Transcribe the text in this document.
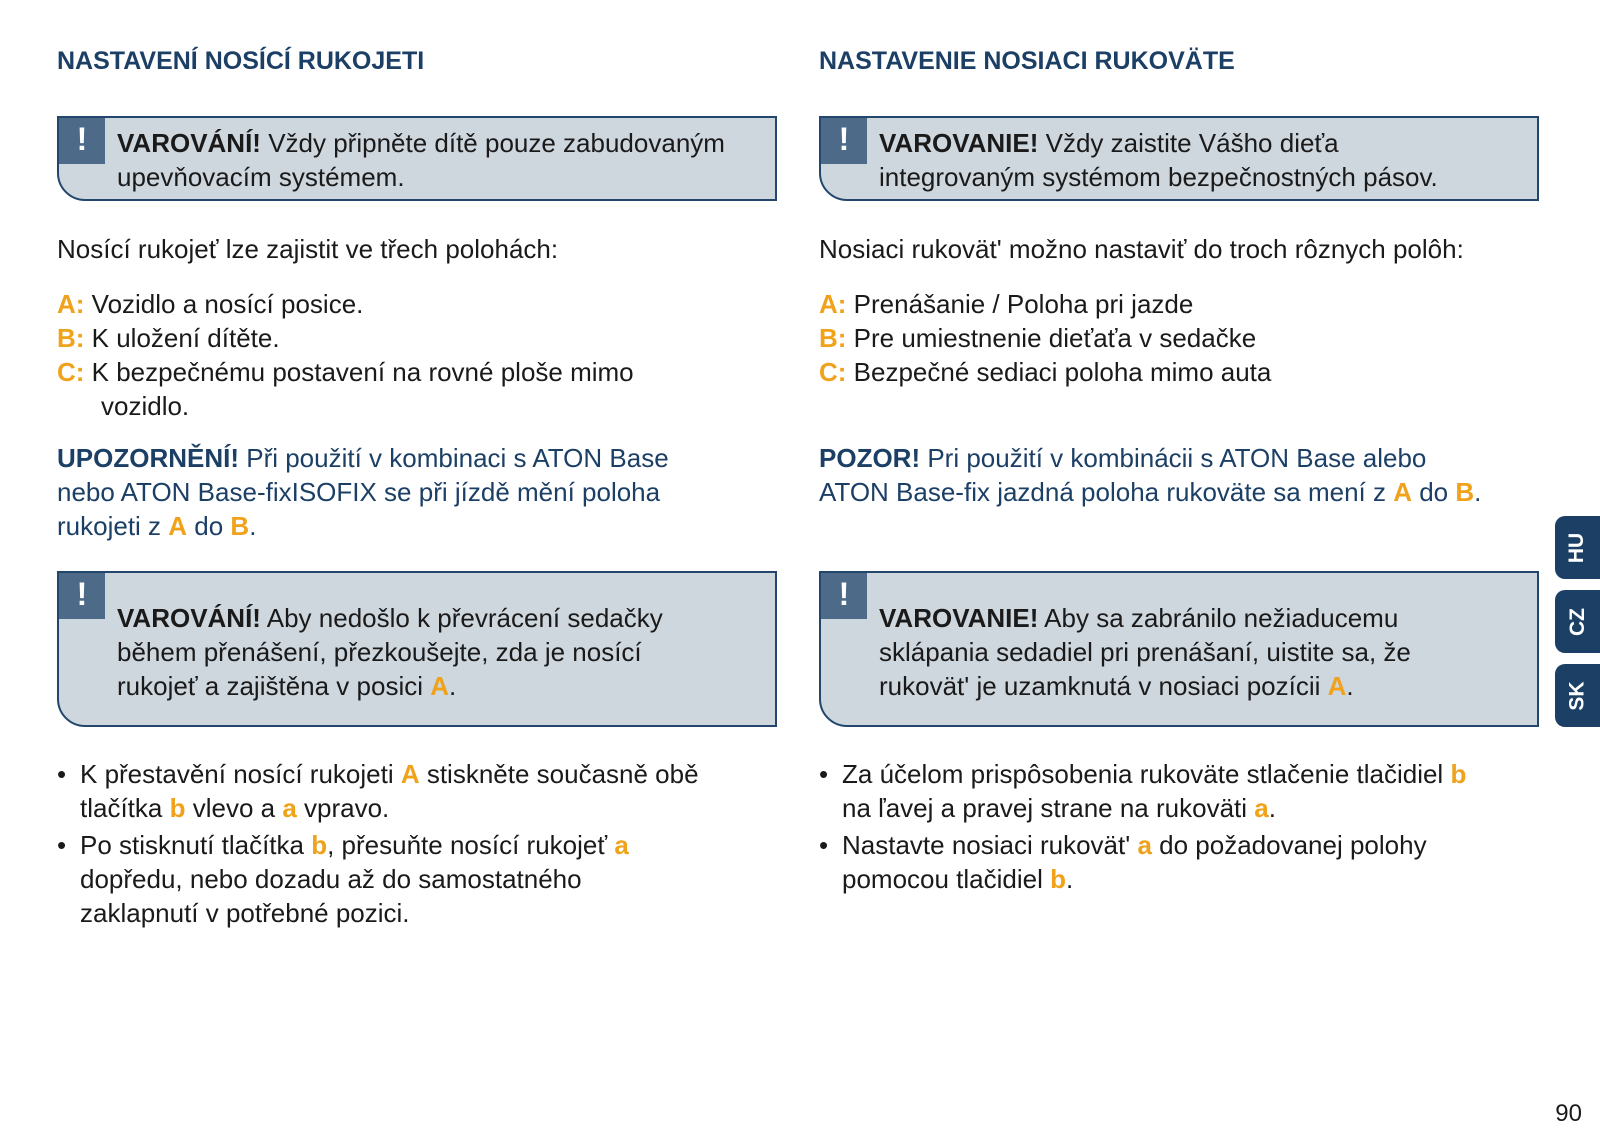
NASTAVENÍ NOSÍCÍ RUKOJETI
!	VAROVÁNÍ! Vždy připněte dítě pouze zabudovaným
upevňovacím systémem.

Nosící rukojeť lze zajistit ve třech polohách:

A: Vozidlo a nosící posice.
B: K uložení dítěte.
C: K bezpečnému postavení na rovné ploše mimo
vozidlo.

UPOZORNĚNÍ! Při použití v kombinaci s ATON Base
nebo ATON Base-fixISOFIX se při jízdě mění poloha
rukojeti z A do B.

!
VAROVÁNÍ! Aby nedošlo k převrácení sedačky
během přenášení, přezkoušejte, zda je nosící
rukojeť a zajištěna v posici A.
• K přestavění nosící rukojeti A stiskněte současně obě
tlačítka b vlevo a a vpravo.
• Po stisknutí tlačítka b, přesuňte nosící rukojeť a
dopředu, nebo dozadu až do samostatného
zaklapnutí v potřebné pozici.
NASTAVENIE NOSIACI RUKOVÄTE
!	VAROVANIE! Vždy zaistite Vášho dieťa
integrovaným systémom bezpečnostných pásov.

Nosiaci rukovät' možno nastaviť do troch rôznych polôh:

A: Prenášanie / Poloha pri jazde
B: Pre umiestnenie dieťaťa v sedačke
C: Bezpečné sediaci poloha mimo auta

POZOR! Pri použití v kombinácii s ATON Base alebo
ATON Base-fix jazdná poloha rukoväte sa mení z A do B.

!
VAROVANIE! Aby sa zabránilo nežiaducemu
sklápania sedadiel pri prenášaní, uistite sa, že
rukovät' je uzamknutá v nosiaci pozícii A.
• Za účelom prispôsobenia rukoväte stlačenie tlačidiel b
na ľavej a pravej strane na rukoväti a.
• Nastavte nosiaci rukovät' a do požadovanej polohy
pomocou tlačidiel b.
HU
CZ
SK
90
